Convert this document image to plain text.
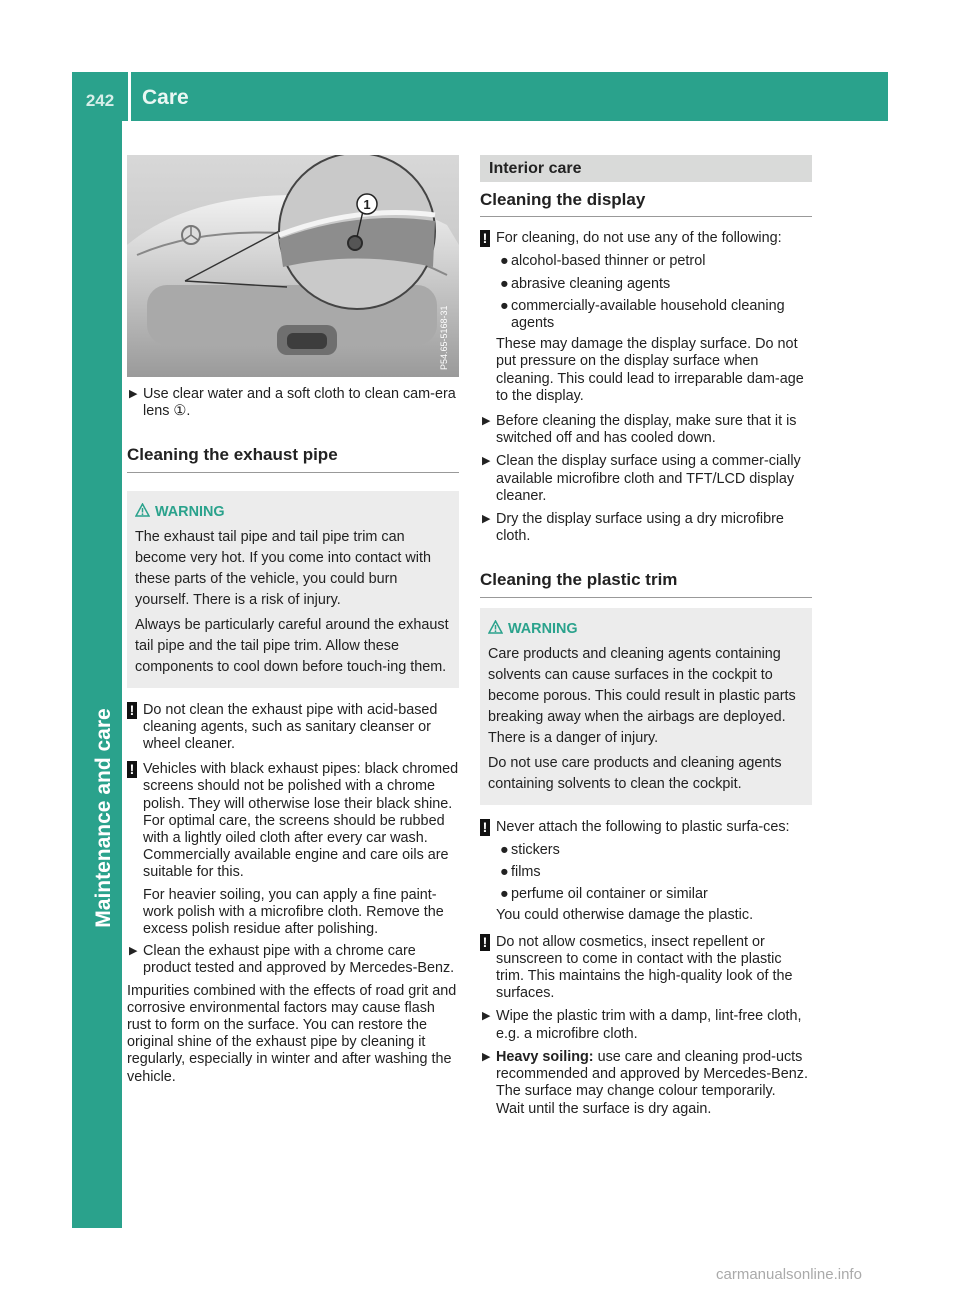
242	Care
Maintenance and care
1
P54.65-5168-31

▶ Use clear water and a soft cloth to clean cam-era lens ①.

Cleaning the exhaust pipe
WARNING

The exhaust tail pipe and tail pipe trim can become very hot. If you come into contact with these parts of the vehicle, you could burn yourself. There is a risk of injury.

Always be particularly careful around the exhaust tail pipe and the tail pipe trim. Allow these components to cool down before touch-ing them.

! Do not clean the exhaust pipe with acid-based cleaning agents, such as sanitary cleanser or wheel cleaner.

! Vehicles with black exhaust pipes: black chromed screens should not be polished with a chrome polish. They will otherwise lose their black shine. For optimal care, the screens should be rubbed with a lightly oiled cloth after every car wash. Commercially available engine and care oils are suitable for this.

For heavier soiling, you can apply a fine paint-work polish with a microfibre cloth. Remove the excess polish residue after polishing.

▶ Clean the exhaust pipe with a chrome care product tested and approved by Mercedes-Benz.

Impurities combined with the effects of road grit and corrosive environmental factors may cause flash rust to form on the surface. You can restore the original shine of the exhaust pipe by cleaning it regularly, especially in winter and after washing the vehicle.

Interior care
Cleaning the display

! For cleaning, do not use any of the following:

● alcohol-based thinner or petrol

● abrasive cleaning agents

● commercially-available household cleaning agents

These may damage the display surface. Do not put pressure on the display surface when cleaning. This could lead to irreparable dam-age to the display.

▶ Before cleaning the display, make sure that it is switched off and has cooled down.

▶ Clean the display surface using a commer-cially available microfibre cloth and TFT/LCD display cleaner.

▶ Dry the display surface using a dry microfibre cloth.

Cleaning the plastic trim
WARNING

Care products and cleaning agents containing solvents can cause surfaces in the cockpit to become porous. This could result in plastic parts breaking away when the airbags are deployed. There is a danger of injury.

Do not use care products and cleaning agents containing solvents to clean the cockpit.

! Never attach the following to plastic surfa-ces:

● stickers

● films

● perfume oil container or similar

You could otherwise damage the plastic.

! Do not allow cosmetics, insect repellent or sunscreen to come in contact with the plastic trim. This maintains the high-quality look of the surfaces.

▶ Wipe the plastic trim with a damp, lint-free cloth, e.g. a microfibre cloth.

▶ Heavy soiling: use care and cleaning prod-ucts recommended and approved by Mercedes-Benz.
The surface may change colour temporarily.
Wait until the surface is dry again.

carmanualsonline.info
